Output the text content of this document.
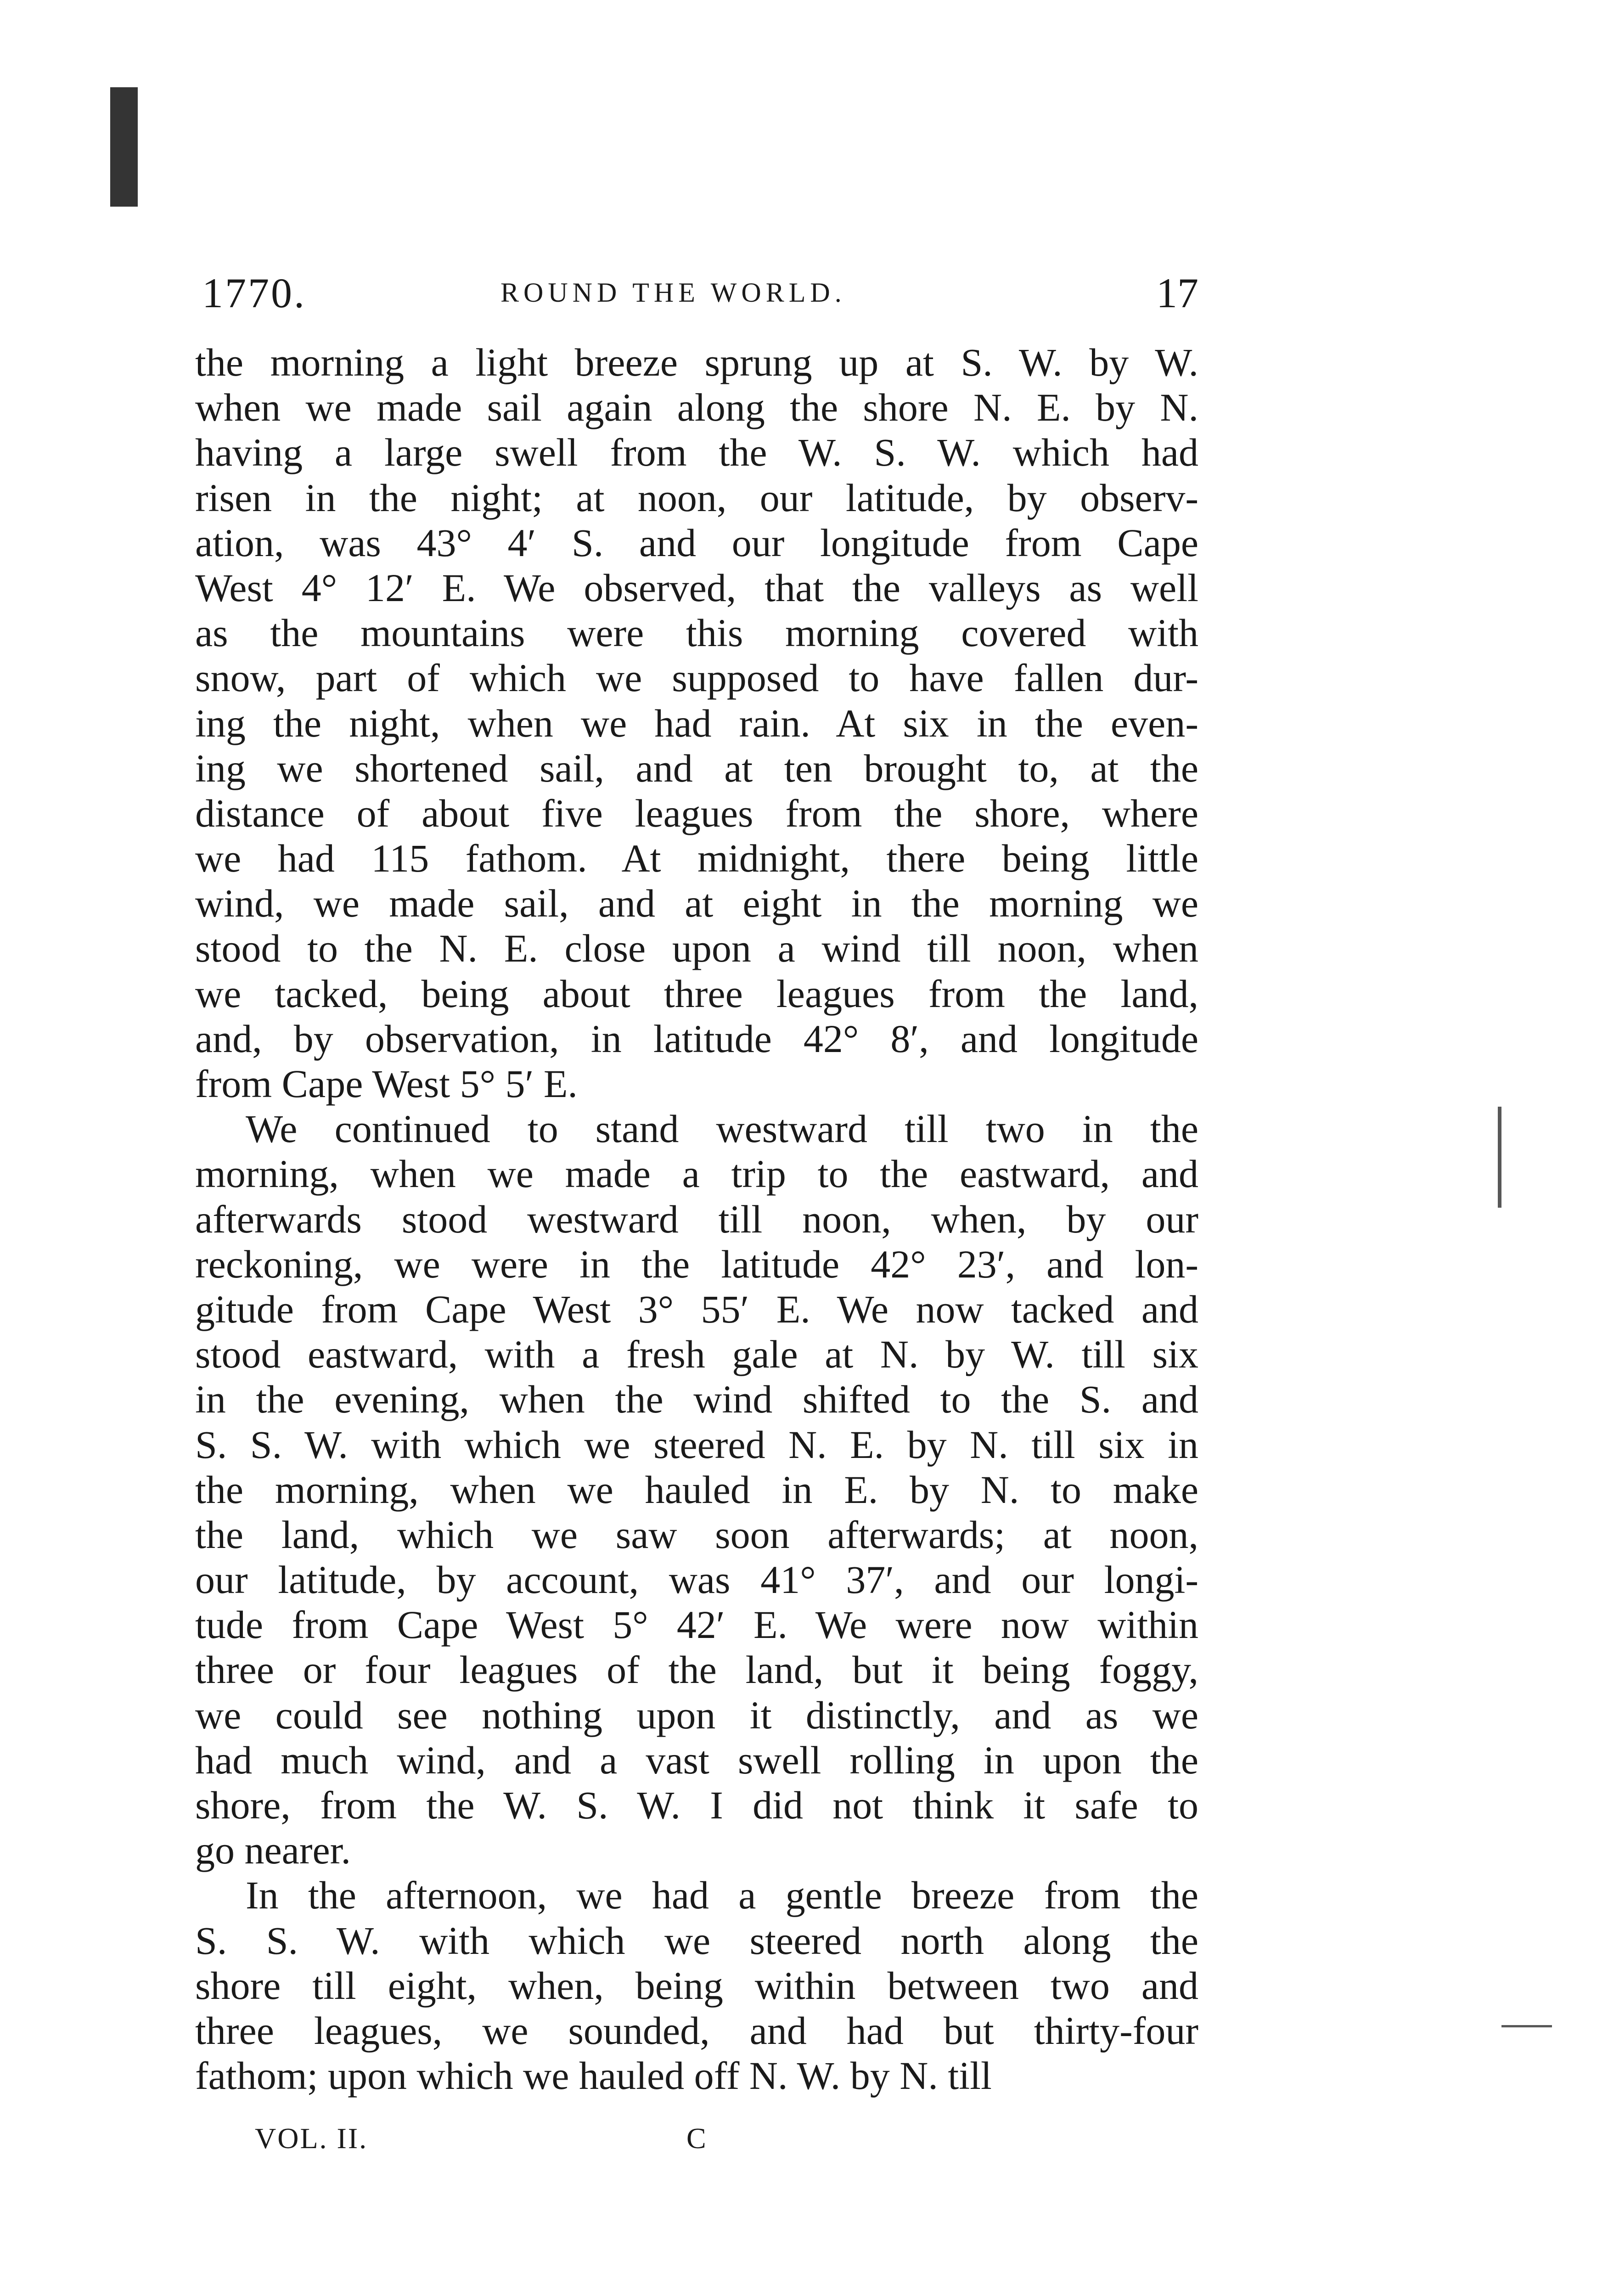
1770.	ROUND THE WORLD.	17
the morning a light breeze sprung up at S. W. by W.
when we made sail again along the shore N. E. by N.
having a large swell from the W. S. W. which had
risen in the night; at noon, our latitude, by observ-
ation, was 43° 4′ S. and our longitude from Cape
West 4° 12′ E. We observed, that the valleys as well
as the mountains were this morning covered with
snow, part of which we supposed to have fallen dur-
ing the night, when we had rain. At six in the even-
ing we shortened sail, and at ten brought to, at the
distance of about five leagues from the shore, where
we had 115 fathom. At midnight, there being little
wind, we made sail, and at eight in the morning we
stood to the N. E. close upon a wind till noon, when
we tacked, being about three leagues from the land,
and, by observation, in latitude 42° 8′, and longitude
from Cape West 5° 5′ E.
We continued to stand westward till two in the
morning, when we made a trip to the eastward, and
afterwards stood westward till noon, when, by our
reckoning, we were in the latitude 42° 23′, and lon-
gitude from Cape West 3° 55′ E. We now tacked and
stood eastward, with a fresh gale at N. by W. till six
in the evening, when the wind shifted to the S. and
S. S. W. with which we steered N. E. by N. till six in
the morning, when we hauled in E. by N. to make
the land, which we saw soon afterwards; at noon,
our latitude, by account, was 41° 37′, and our longi-
tude from Cape West 5° 42′ E. We were now within
three or four leagues of the land, but it being foggy,
we could see nothing upon it distinctly, and as we
had much wind, and a vast swell rolling in upon the
shore, from the W. S. W. I did not think it safe to
go nearer.
In the afternoon, we had a gentle breeze from the
S. S. W. with which we steered north along the
shore till eight, when, being within between two and
three leagues, we sounded, and had but thirty-four
fathom; upon which we hauled off N. W. by N. till
VOL. II.	C
